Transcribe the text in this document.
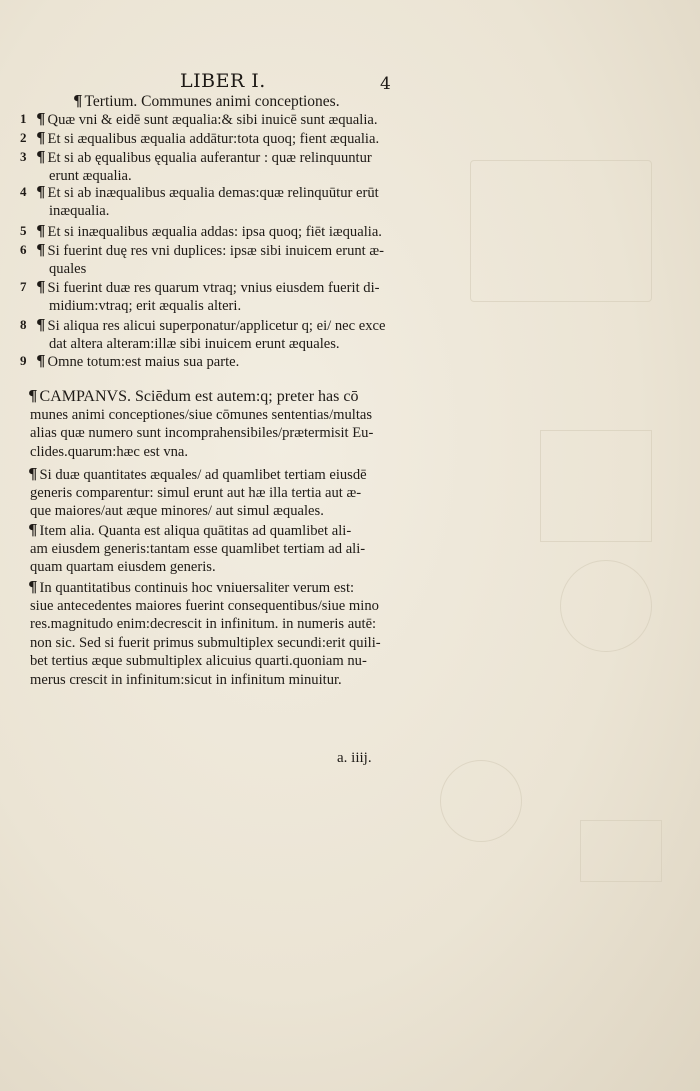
LIBER I.	4
¶ Tertium. Communes animi conceptiones.
1 ¶ Quæ vni & eidē sunt æqualia:& sibi inuicē sunt æqualia.
2 ¶ Et si æqualibus æqualia addātur:tota quoq; fient æqualia.
3 ¶ Et si ab ęqualibus ęqualia auferantur : quæ relinquuntur
erunt æqualia.
4 ¶ Et si ab inæqualibus æqualia demas:quæ relinquūtur erūt
inæqualia.
5 ¶ Et si inæqualibus æqualia addas: ipsa quoq; fiēt iæqualia.
6 ¶ Si fuerint duę res vni duplices: ipsæ sibi inuicem erunt æ-
quales
7 ¶ Si fuerint duæ res quarum vtraq; vnius eiusdem fuerit di-
midium:vtraq; erit æqualis alteri.
8 ¶ Si aliqua res alicui superponatur/applicetur q; ei/ nec exce
dat altera alteram:illæ sibi inuicem erunt æquales.
9 ¶ Omne totum:est maius sua parte.
¶ CAMPANVS. Sciēdum est autem:q; preter has cō
munes animi conceptiones/siue cōmunes sententias/multas
alias quæ numero sunt incomprahensibiles/prætermisit Eu-
clides.quarum:hæc est vna.
¶ Si duæ quantitates æquales/ ad quamlibet tertiam eiusdē
generis comparentur: simul erunt aut hæ illa tertia aut æ-
que maiores/aut æque minores/ aut simul æquales.
¶ Item alia. Quanta est aliqua quātitas ad quamlibet ali-
am eiusdem generis:tantam esse quamlibet tertiam ad ali-
quam quartam eiusdem generis.
¶ In quantitatibus continuis hoc vniuersaliter verum est:
siue antecedentes maiores fuerint consequentibus/siue mino
res.magnitudo enim:decrescit in infinitum. in numeris autē:
non sic. Sed si fuerit primus submultiplex secundi:erit quili-
bet tertius æque submultiplex alicuius quarti.quoniam nu-
merus crescit in infinitum:sicut in infinitum minuitur.
a. iiij.
